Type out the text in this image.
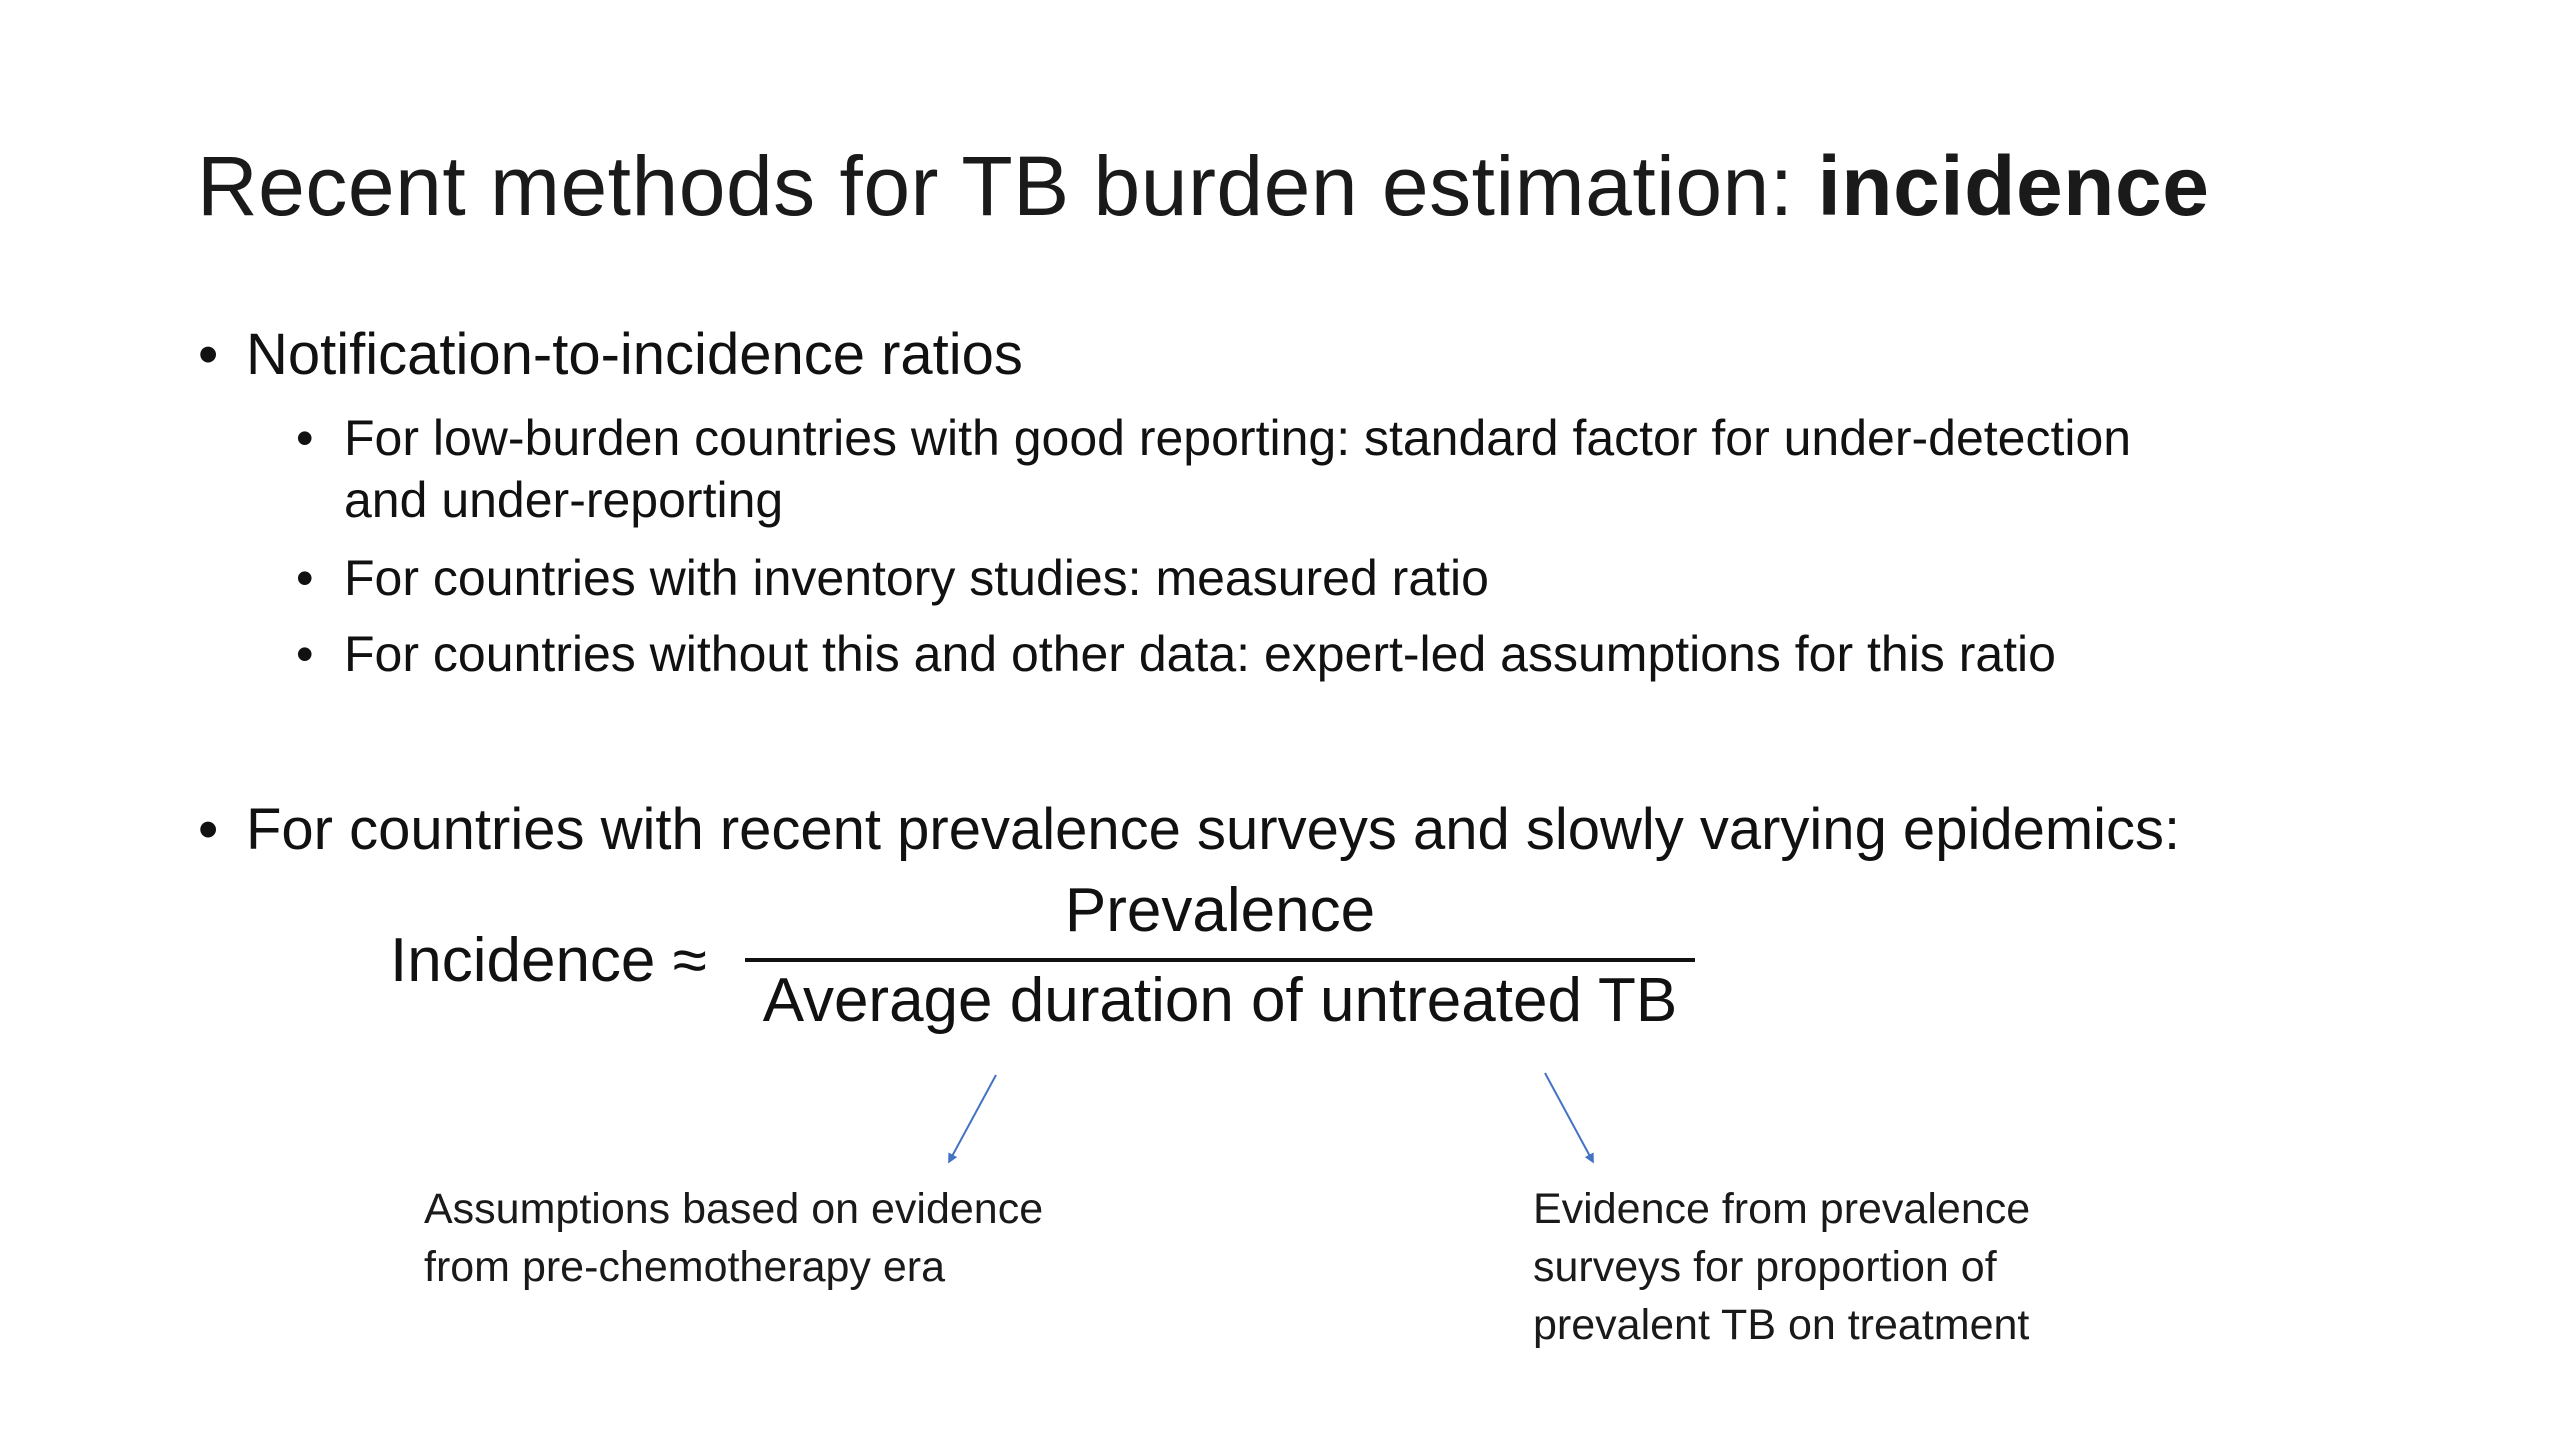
Recent methods for TB burden estimation: incidence
• Notification-to-incidence ratios
• For low-burden countries with good reporting: standard factor for under-detection
and under-reporting
• For countries with inventory studies: measured ratio
• For countries without this and other data: expert-led assumptions for this ratio
• For countries with recent prevalence surveys and slowly varying epidemics:
Incidence ≈
Prevalence
Average duration of untreated TB
Assumptions based on evidence
from pre-chemotherapy era
Evidence from prevalence
surveys for proportion of
prevalent TB on treatment
